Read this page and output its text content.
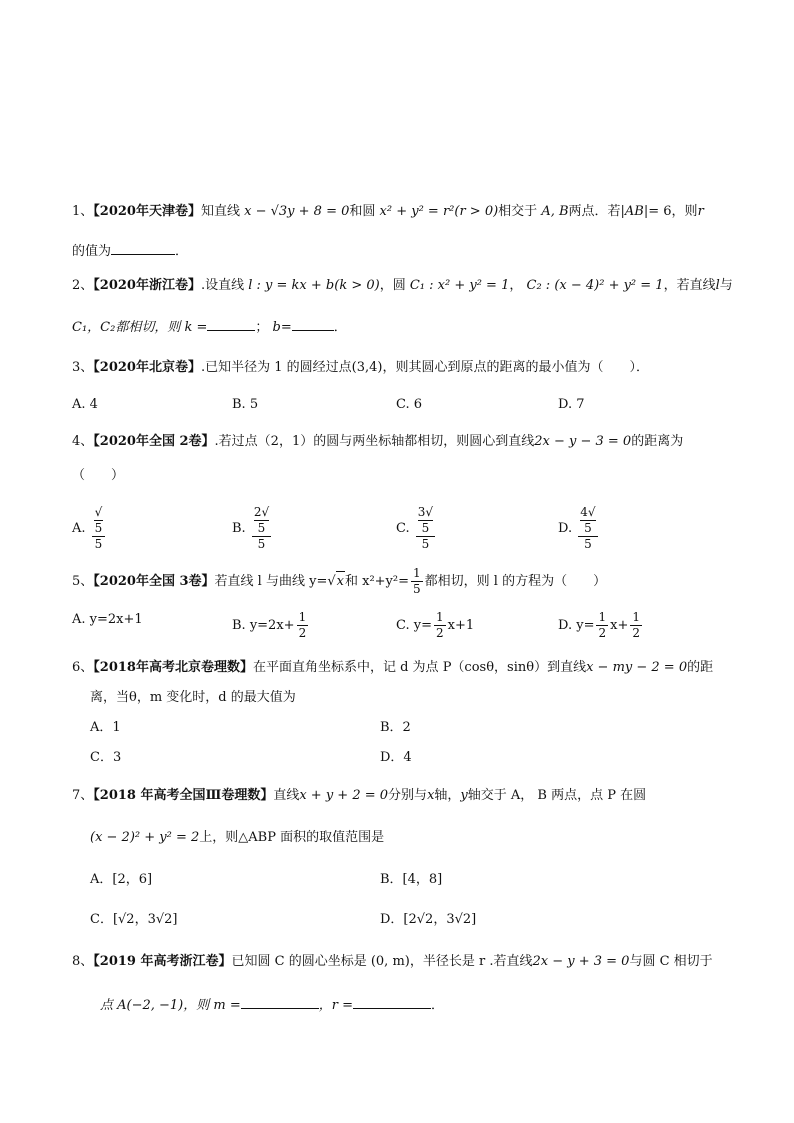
1、【2020年天津卷】知直线 x − √3y + 8 = 0和圆 x² + y² = r²(r > 0)相交于 A, B两点．若|AB|= 6，则r
的值为	．
2、【2020年浙江卷】.设直线 l : y = kx + b(k > 0)，圆 C₁ : x² + y² = 1， C₂ : (x − 4)² + y² = 1，若直线l与
C₁，C₂都相切，则 k =	； b=	．
3、【2020年北京卷】.已知半径为 1 的圆经过点(3,4)，则其圆心到原点的距离的最小值为（　　）．
A. 4	B. 5	C. 6	D. 7
4、【2020年全国 2卷】.若过点（2，1）的圆与两坐标轴都相切，则圆心到直线2x − y − 3 = 0的距离为
（　　）
A. √
5
5	B. 2√
5
5	C. 3√
5
5	D. 4√
5
5
5、【2020年全国 3卷】若直线 l 与曲线 y=√x和 $x^2+y^2= \frac{1}{5}$ 都相切，则 l 的方程为（　　）
A. y=2x+1	B. $y=2x+ \frac{1}{2}$	C. $y= \frac{1}{2} x+1$	D. $y= \frac{1}{2} x+ \frac{1}{2}$
6、【2018年高考北京卷理数】在平面直角坐标系中，记 d 为点 P（cosθ，sinθ）到直线x − my − 2 = 0的距
离，当θ，m 变化时，d 的最大值为
A．1	B．2
C．3	D．4
7、【2018 年高考全国Ⅲ卷理数】直线x + y + 2 = 0分别与x轴，y轴交于 A， B 两点，点 P 在圆
(x − 2)² + y² = 2上，则△ABP 面积的取值范围是
A．[2，6]	B．[4，8]
C．[√2，3√2]	D．[2√2，3√2]
8、【2019 年高考浙江卷】已知圆 C 的圆心坐标是 (0, m)，半径长是 r .若直线2x − y + 3 = 0与圆 C 相切于
点 A(−2, −1)，则 m =	，r =	．
